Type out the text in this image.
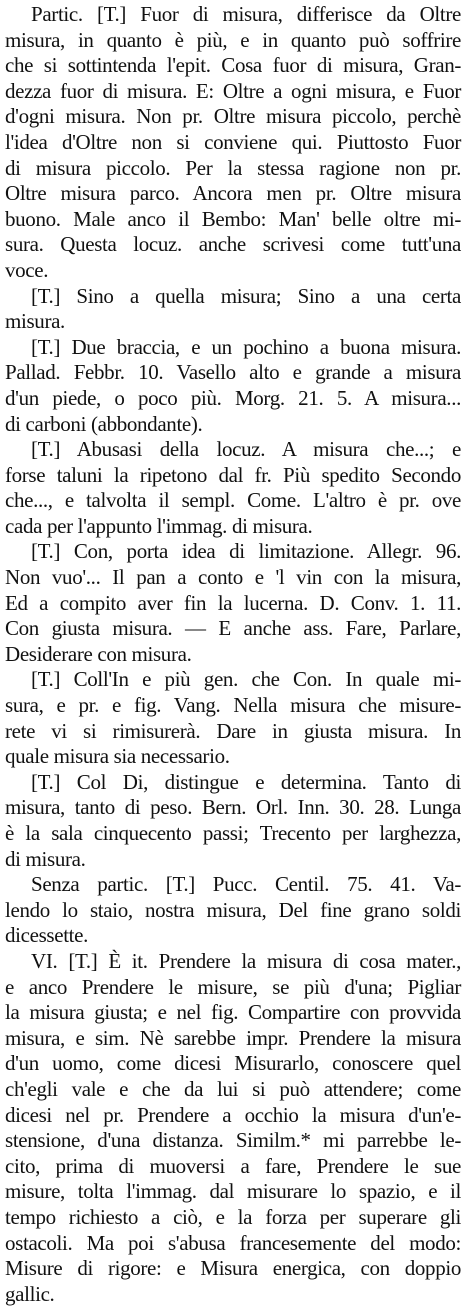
Partic. [T.] Fuor di misura, differisce da Oltre
misura, in quanto è più, e in quanto può soffrire
che si sottintenda l'epit. Cosa fuor di misura, Gran-
dezza fuor di misura. E: Oltre a ogni misura, e Fuor
d'ogni misura. Non pr. Oltre misura piccolo, perchè
l'idea d'Oltre non si conviene qui. Piuttosto Fuor
di misura piccolo. Per la stessa ragione non pr.
Oltre misura parco. Ancora men pr. Oltre misura
buono. Male anco il Bembo: Man' belle oltre mi-
sura. Questa locuz. anche scrivesi come tutt'una
voce.
[T.] Sino a quella misura; Sino a una certa
misura.
[T.] Due braccia, e un pochino a buona misura.
Pallad. Febbr. 10. Vasello alto e grande a misura
d'un piede, o poco più. Morg. 21. 5. A misura...
di carboni (abbondante).
[T.] Abusasi della locuz. A misura che...; e
forse taluni la ripetono dal fr. Più spedito Secondo
che..., e talvolta il sempl. Come. L'altro è pr. ove
cada per l'appunto l'immag. di misura.
[T.] Con, porta idea di limitazione. Allegr. 96.
Non vuo'... Il pan a conto e 'l vin con la misura,
Ed a compito aver fin la lucerna. D. Conv. 1. 11.
Con giusta misura. — E anche ass. Fare, Parlare,
Desiderare con misura.
[T.] Coll'In e più gen. che Con. In quale mi-
sura, e pr. e fig. Vang. Nella misura che misure-
rete vi si rimisurerà. Dare in giusta misura. In
quale misura sia necessario.
[T.] Col Di, distingue e determina. Tanto di
misura, tanto di peso. Bern. Orl. Inn. 30. 28. Lunga
è la sala cinquecento passi; Trecento per larghezza,
di misura.
Senza partic. [T.] Pucc. Centil. 75. 41. Va-
lendo lo staio, nostra misura, Del fine grano soldi
dicessette.
VI. [T.] È it. Prendere la misura di cosa mater.,
e anco Prendere le misure, se più d'una; Pigliar
la misura giusta; e nel fig. Compartire con provvida
misura, e sim. Nè sarebbe impr. Prendere la misura
d'un uomo, come dicesi Misurarlo, conoscere quel
ch'egli vale e che da lui si può attendere; come
dicesi nel pr. Prendere a occhio la misura d'un'e-
stensione, d'una distanza. Similm.* mi parrebbe le-
cito, prima di muoversi a fare, Prendere le sue
misure, tolta l'immag. dal misurare lo spazio, e il
tempo richiesto a ciò, e la forza per superare gli
ostacoli. Ma poi s'abusa francesemente del modo:
Misure di rigore: e Misura energica, con doppio
gallic.
